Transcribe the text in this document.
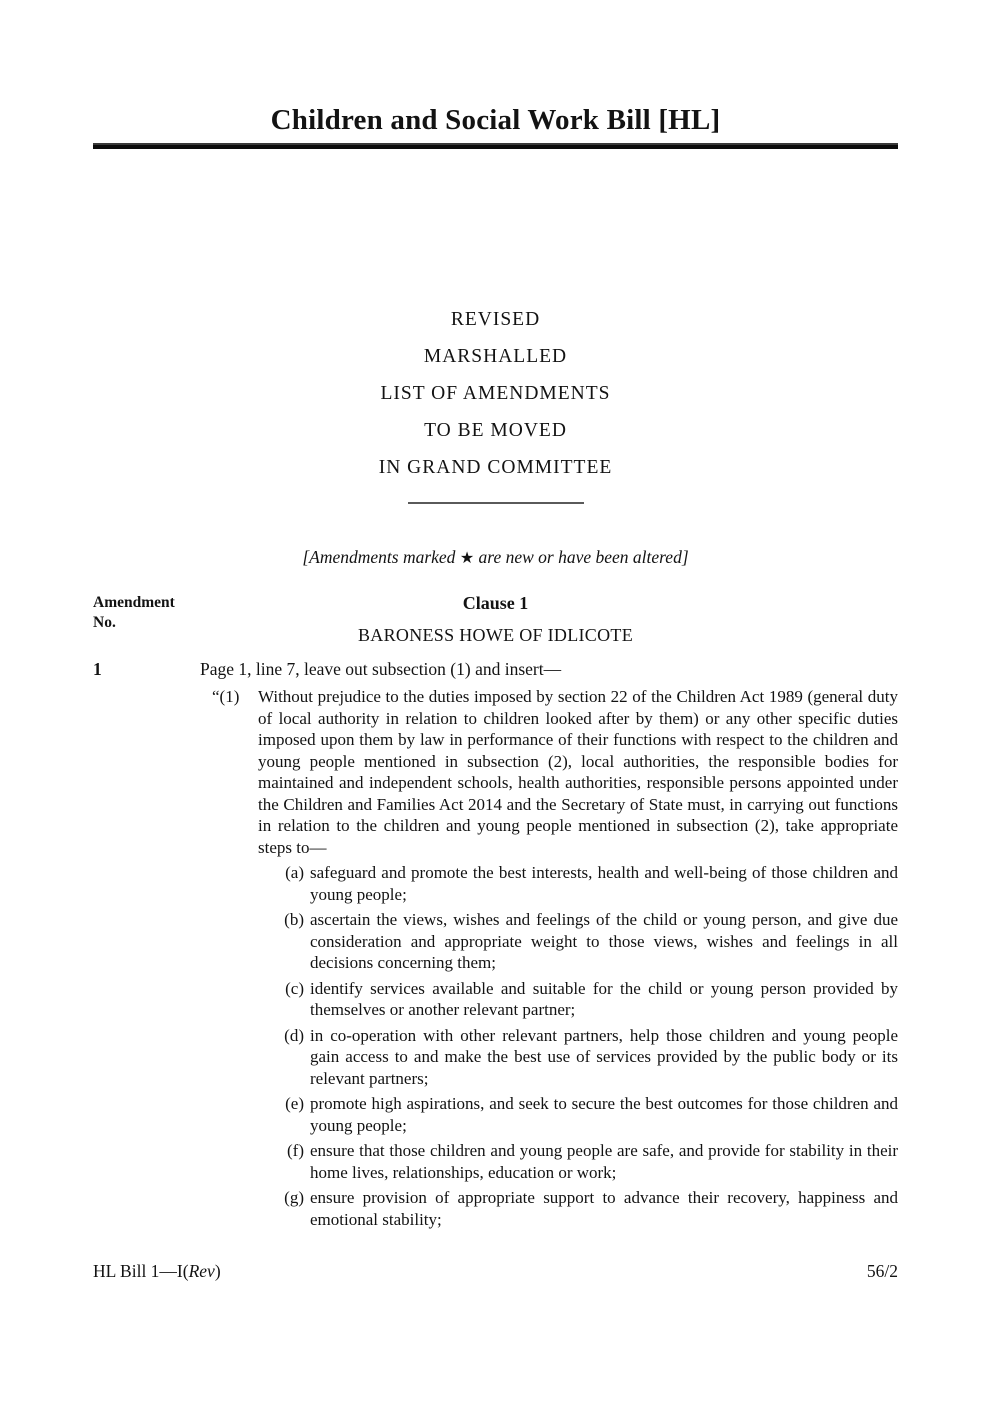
Children and Social Work Bill [HL]
REVISED
MARSHALLED
LIST OF AMENDMENTS
TO BE MOVED
IN GRAND COMMITTEE
[Amendments marked ★ are new or have been altered]
Amendment
No.
Clause 1
BARONESS HOWE OF IDLICOTE
1	Page 1, line 7, leave out subsection (1) and insert—
“(1) Without prejudice to the duties imposed by section 22 of the Children Act 1989 (general duty of local authority in relation to children looked after by them) or any other specific duties imposed upon them by law in performance of their functions with respect to the children and young people mentioned in subsection (2), local authorities, the responsible bodies for maintained and independent schools, health authorities, responsible persons appointed under the Children and Families Act 2014 and the Secretary of State must, in carrying out functions in relation to the children and young people mentioned in subsection (2), take appropriate steps to—
(a) safeguard and promote the best interests, health and well-being of those children and young people;
(b) ascertain the views, wishes and feelings of the child or young person, and give due consideration and appropriate weight to those views, wishes and feelings in all decisions concerning them;
(c) identify services available and suitable for the child or young person provided by themselves or another relevant partner;
(d) in co-operation with other relevant partners, help those children and young people gain access to and make the best use of services provided by the public body or its relevant partners;
(e) promote high aspirations, and seek to secure the best outcomes for those children and young people;
(f) ensure that those children and young people are safe, and provide for stability in their home lives, relationships, education or work;
(g) ensure provision of appropriate support to advance their recovery, happiness and emotional stability;
HL Bill 1—I(Rev)	56/2
